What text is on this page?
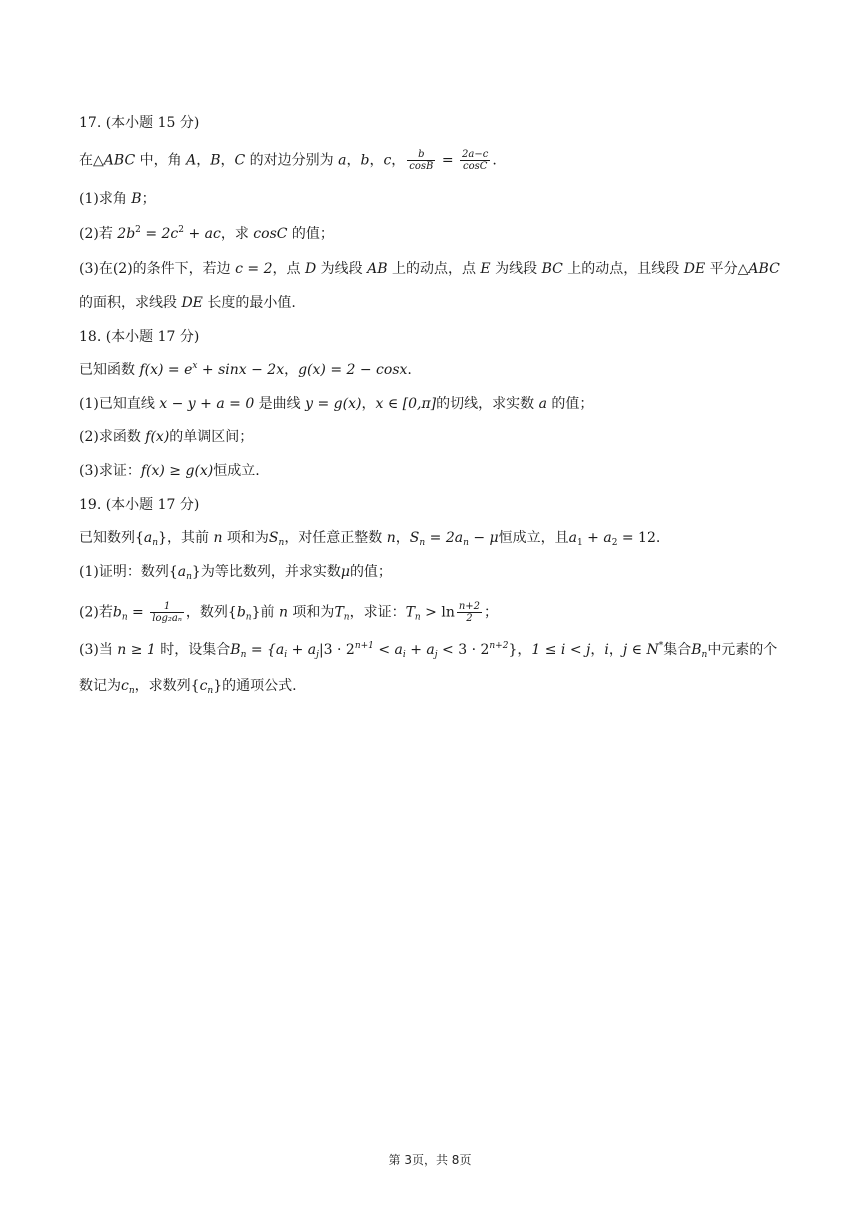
17. (本小题 15 分)
在△ABC 中，角 A，B，C 的对边分别为 a，b，c， $\frac{b}{\cos B} = \frac{2a-c}{\cos C}$ .
(1)求角 B；
(2)若 $2b^2 = 2c^2$ + ac，求 cosC 的值；
(3)在(2)的条件下，若边 c = 2，点 D 为线段 AB 上的动点，点 E 为线段 BC 上的动点，且线段 DE 平分△ABC
的面积，求线段 DE 长度的最小值.
18. (本小题 17 分)
已知函数 $f(x) = e^x + \sin x - 2x$，g(x) = 2 − cosx.
(1)已知直线 x − y + a = 0 是曲线 y = g(x)，x ∈ [0,π]的切线，求实数 a 的值；
(2)求函数 f(x)的单调区间；
(3)求证：f(x) ≥ g(x)恒成立.
19. (本小题 17 分)
已知数列$\{a_n\}$，其前 n 项和为$S_n$，对任意正整数 n，$S_n = 2a_n - \mu$恒成立，且$a_1 + a_2 = 12$.
(1)证明：数列$\{a_n\}$为等比数列，并求实数μ的值；
(2)若$b_n = \frac{1}{\text{log₂aₙ}}$ ，数列$\{b_n\}$前 n 项和为$T_n$，求证：$T_n > \ln \frac{n+2}{2}$ ；
(3)当 n ≥ 1 时，设集合$B_n = \{a_i + a_j|3 \cdot 2^{n+1} < a_i + a_j < 3 \cdot 2^{n+2}\}$，1 ≤ i < j，i，j ∈ N*集合$B_n$中元素的个
数记为$c_n$，求数列$\{c_n\}$的通项公式.
第 3页，共 8页
